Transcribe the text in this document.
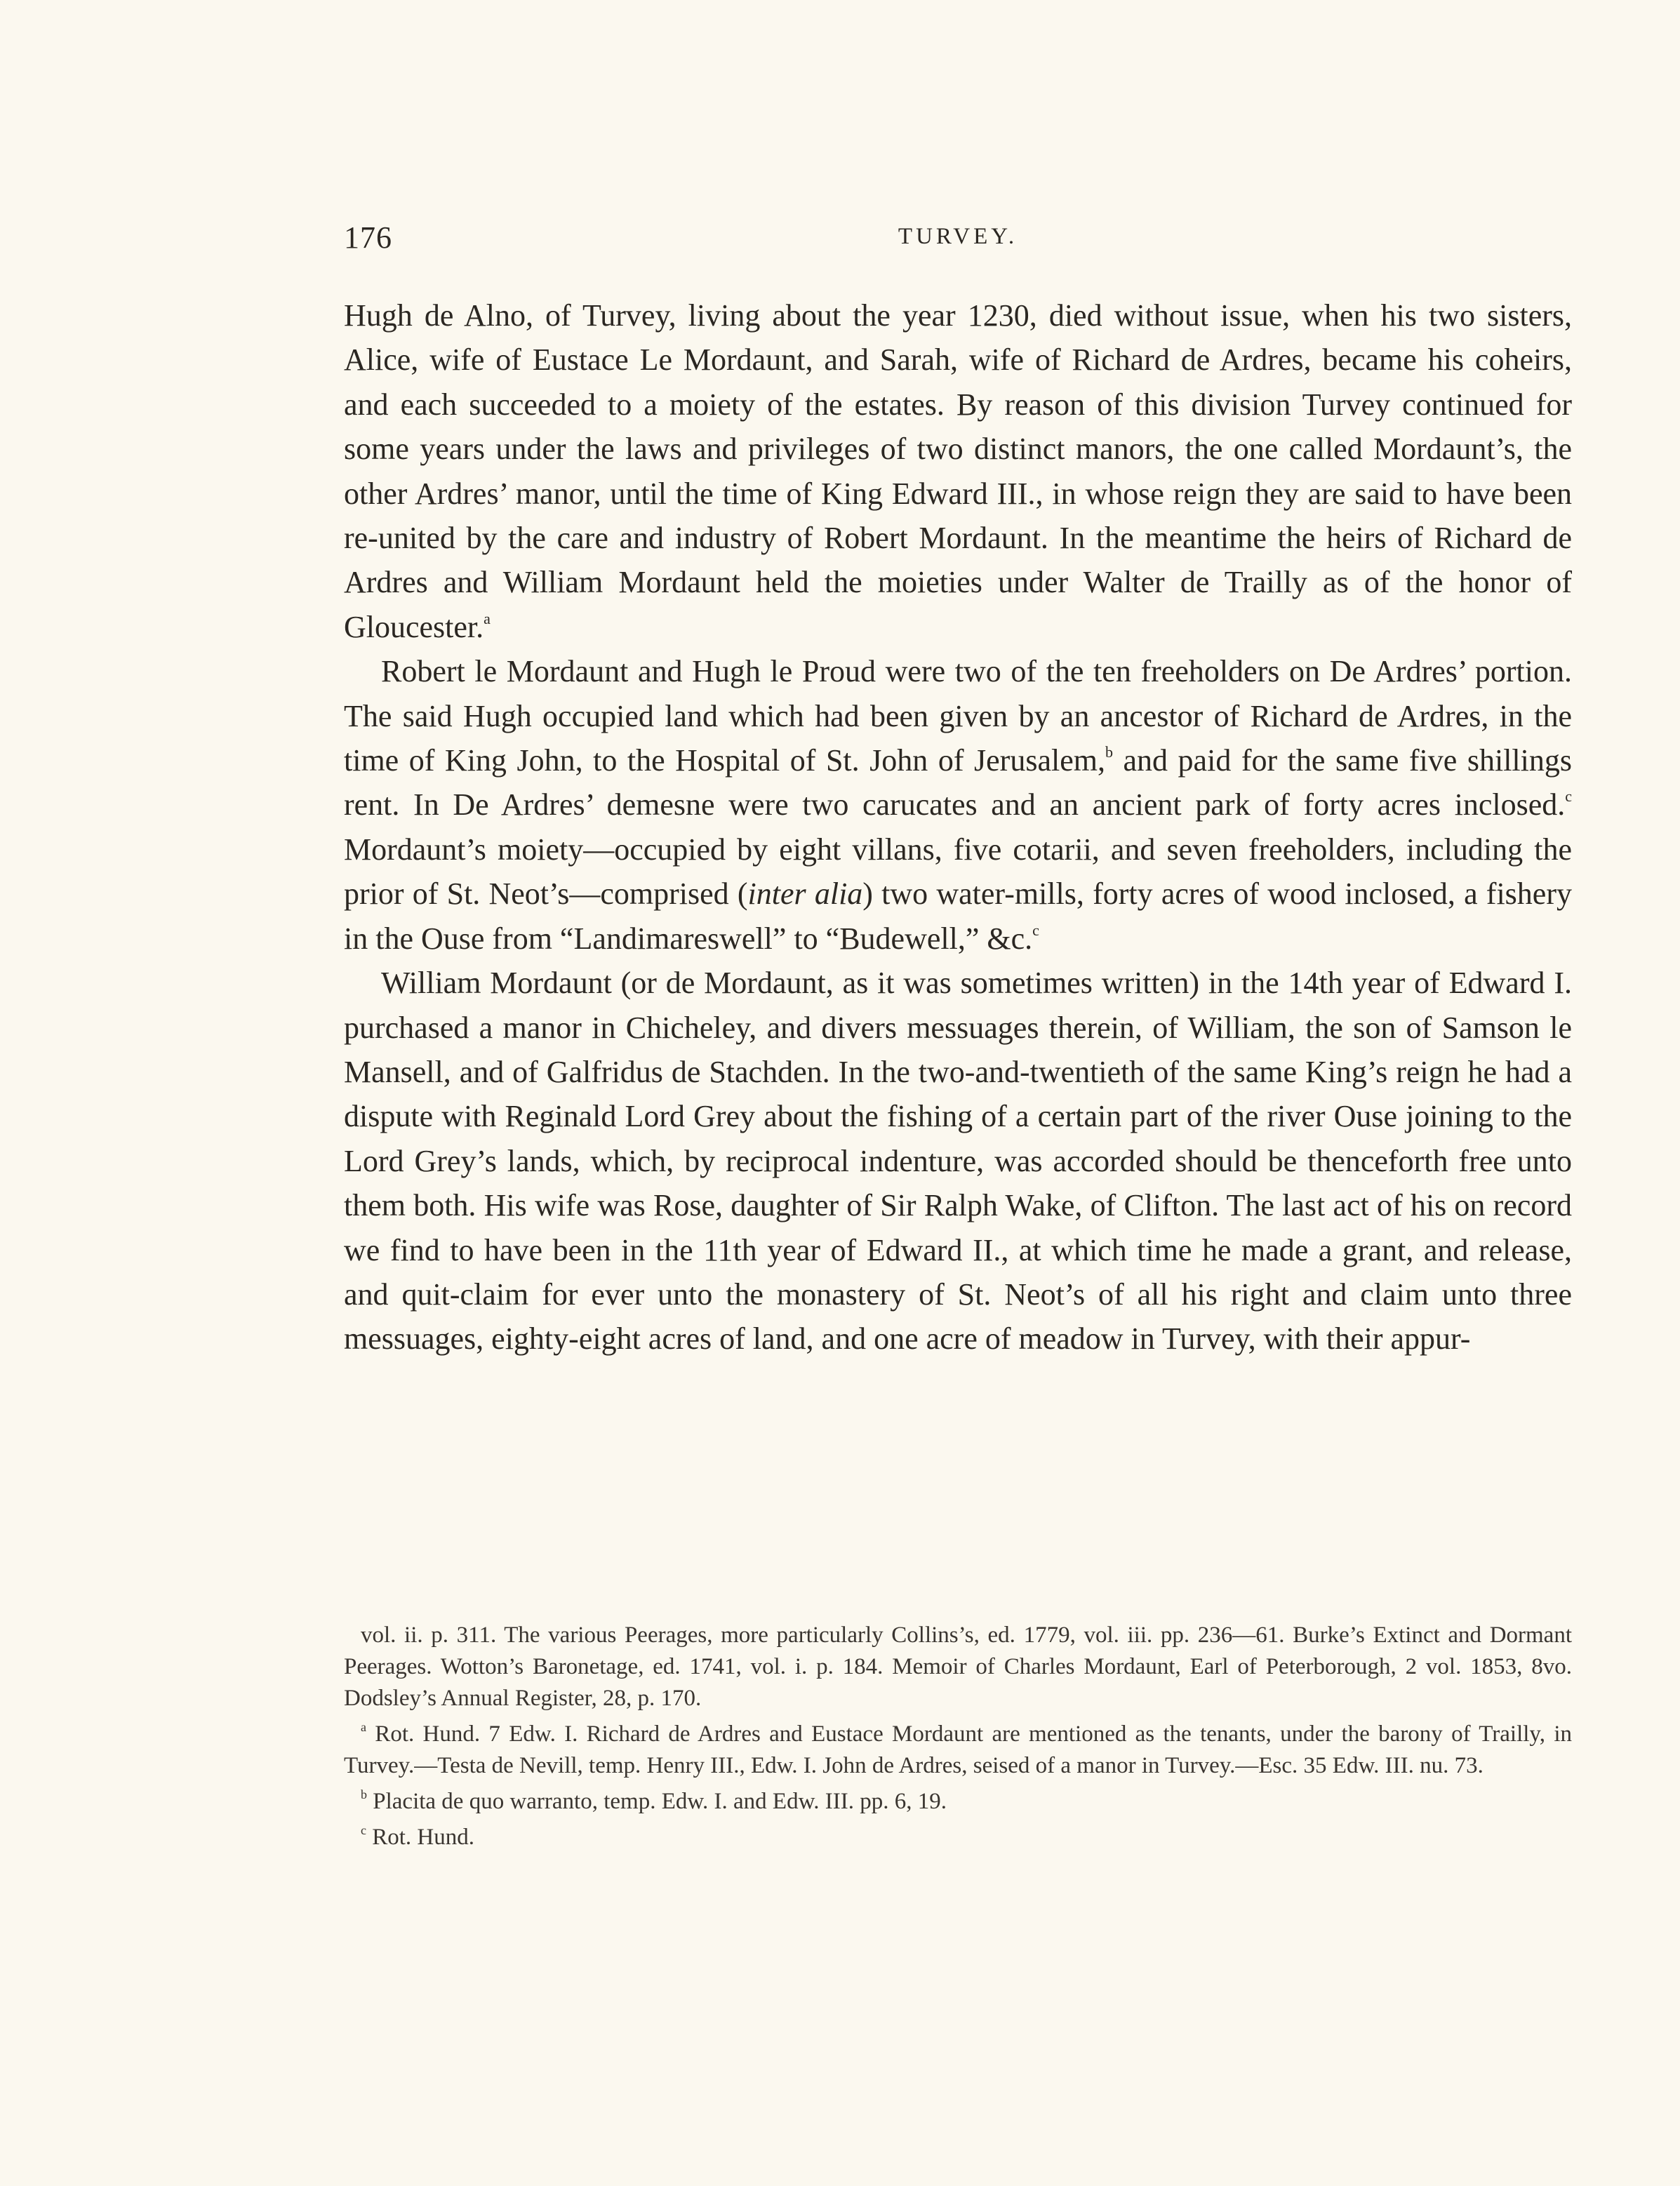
176	TURVEY.

Hugh de Alno, of Turvey, living about the year 1230, died without issue, when his two sisters, Alice, wife of Eustace Le Mordaunt, and Sarah, wife of Richard de Ardres, became his coheirs, and each succeeded to a moiety of the estates. By reason of this division Turvey continued for some years under the laws and privileges of two distinct manors, the one called Mordaunt’s, the other Ardres’ manor, until the time of King Edward III., in whose reign they are said to have been re-united by the care and industry of Robert Mordaunt. In the meantime the heirs of Richard de Ardres and William Mordaunt held the moieties under Walter de Trailly as of the honor of Gloucester.$^a$

Robert le Mordaunt and Hugh le Proud were two of the ten freeholders on De Ardres’ portion. The said Hugh occupied land which had been given by an ancestor of Richard de Ardres, in the time of King John, to the Hospital of St. John of Jerusalem,$^b$ and paid for the same five shillings rent. In De Ardres’ demesne were two carucates and an ancient park of forty acres inclosed.$^c$ Mordaunt’s moiety—occupied by eight villans, five cotarii, and seven freeholders, including the prior of St. Neot’s—comprised (inter alia) two water-mills, forty acres of wood inclosed, a fishery in the Ouse from “Landimareswell” to “Budewell,” &c.$^c$

William Mordaunt (or de Mordaunt, as it was sometimes written) in the 14th year of Edward I. purchased a manor in Chicheley, and divers messuages therein, of William, the son of Samson le Mansell, and of Galfridus de Stachden. In the two-and-twentieth of the same King’s reign he had a dispute with Reginald Lord Grey about the fishing of a certain part of the river Ouse joining to the Lord Grey’s lands, which, by reciprocal indenture, was accorded should be thenceforth free unto them both. His wife was Rose, daughter of Sir Ralph Wake, of Clifton. The last act of his on record we find to have been in the 11th year of Edward II., at which time he made a grant, and release, and quit-claim for ever unto the monastery of St. Neot’s of all his right and claim unto three messuages, eighty-eight acres of land, and one acre of meadow in Turvey, with their appur-

vol. ii. p. 311. The various Peerages, more particularly Collins’s, ed. 1779, vol. iii. pp. 236—61. Burke’s Extinct and Dormant Peerages. Wotton’s Baronetage, ed. 1741, vol. i. p. 184. Memoir of Charles Mordaunt, Earl of Peterborough, 2 vol. 1853, 8vo. Dodsley’s Annual Register, 28, p. 170.

$^a$ Rot. Hund. 7 Edw. I. Richard de Ardres and Eustace Mordaunt are mentioned as the tenants, under the barony of Trailly, in Turvey.—Testa de Nevill, temp. Henry III., Edw. I. John de Ardres, seised of a manor in Turvey.—Esc. 35 Edw. III. nu. 73.

$^b$ Placita de quo warranto, temp. Edw. I. and Edw. III. pp. 6, 19.

$^c$ Rot. Hund.
